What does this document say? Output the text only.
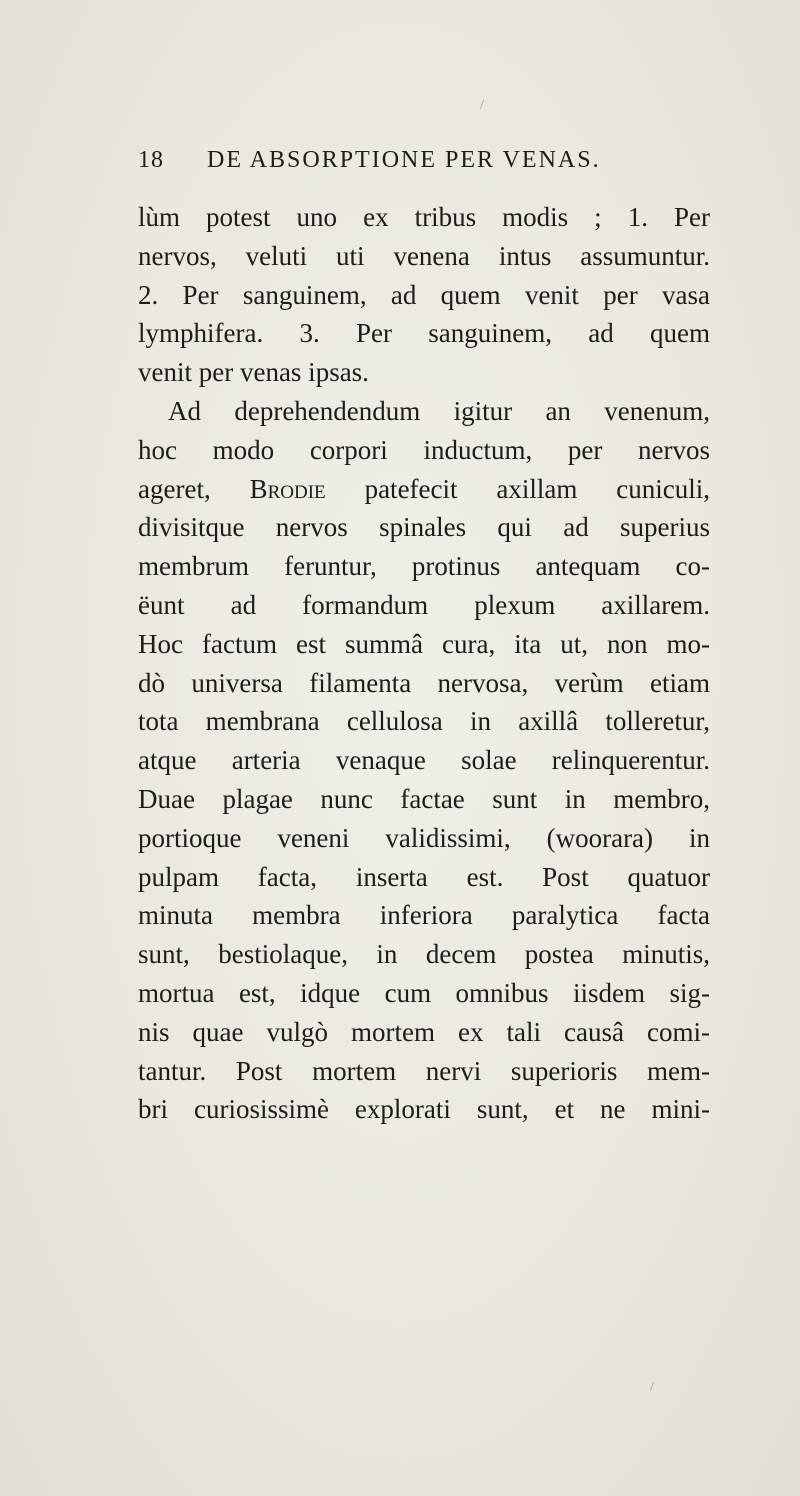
18 DE ABSORPTIONE PER VENAS.
lùm potest uno ex tribus modis ; 1. Per
nervos, veluti uti venena intus assumuntur.
2. Per sanguinem, ad quem venit per vasa
lymphifera. 3. Per sanguinem, ad quem
venit per venas ipsas.
Ad deprehendendum igitur an venenum,
hoc modo corpori inductum, per nervos
ageret, Brodie patefecit axillam cuniculi,
divisitque nervos spinales qui ad superius
membrum feruntur, protinus antequam co-
ëunt ad formandum plexum axillarem.
Hoc factum est summâ cura, ita ut, non mo-
dò universa filamenta nervosa, verùm etiam
tota membrana cellulosa in axillâ tolleretur,
atque arteria venaque solae relinquerentur.
Duae plagae nunc factae sunt in membro,
portioque veneni validissimi, (woorara) in
pulpam facta, inserta est. Post quatuor
minuta membra inferiora paralytica facta
sunt, bestiolaque, in decem postea minutis,
mortua est, idque cum omnibus iisdem sig-
nis quae vulgò mortem ex tali causâ comi-
tantur. Post mortem nervi superioris mem-
bri curiosissimè explorati sunt, et ne mini-
/
/
